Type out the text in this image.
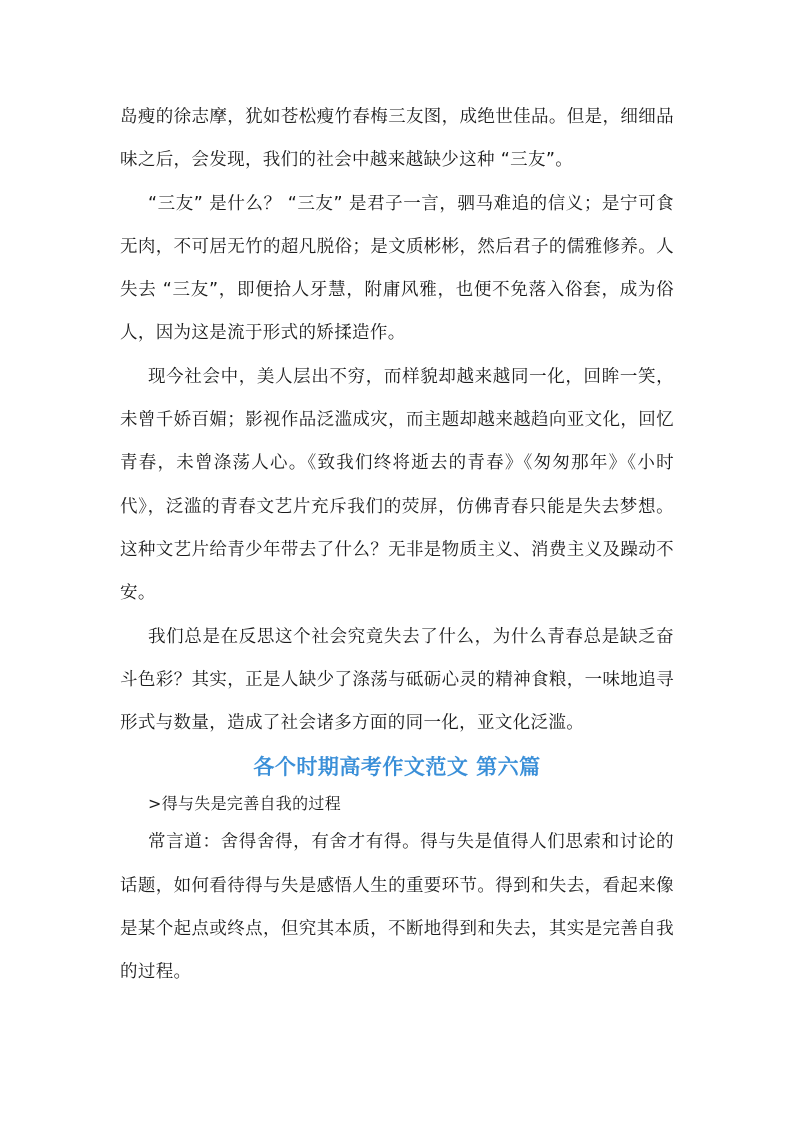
岛瘦的徐志摩，犹如苍松瘦竹春梅三友图，成绝世佳品。但是，细细品味之后，会发现，我们的社会中越来越缺少这种 “三友”。

“三友” 是什么？ “三友” 是君子一言，驷马难追的信义；是宁可食无肉，不可居无竹的超凡脱俗；是文质彬彬，然后君子的儒雅修养。人失去 “三友”，即便拾人牙慧，附庸风雅，也便不免落入俗套，成为俗人，因为这是流于形式的矫揉造作。

现今社会中，美人层出不穷，而样貌却越来越同一化，回眸一笑，未曾千娇百媚；影视作品泛滥成灾，而主题却越来越趋向亚文化，回忆青春，未曾涤荡人心。《致我们终将逝去的青春》《匆匆那年》《小时代》，泛滥的青春文艺片充斥我们的荧屏，仿佛青春只能是失去梦想。这种文艺片给青少年带去了什么？无非是物质主义、消费主义及躁动不安。

我们总是在反思这个社会究竟失去了什么，为什么青春总是缺乏奋斗色彩？其实，正是人缺少了涤荡与砥砺心灵的精神食粮，一味地追寻形式与数量，造成了社会诸多方面的同一化，亚文化泛滥。

各个时期高考作文范文 第六篇

>得与失是完善自我的过程

常言道：舍得舍得，有舍才有得。得与失是值得人们思索和讨论的话题，如何看待得与失是感悟人生的重要环节。得到和失去，看起来像是某个起点或终点，但究其本质，不断地得到和失去，其实是完善自我的过程。
